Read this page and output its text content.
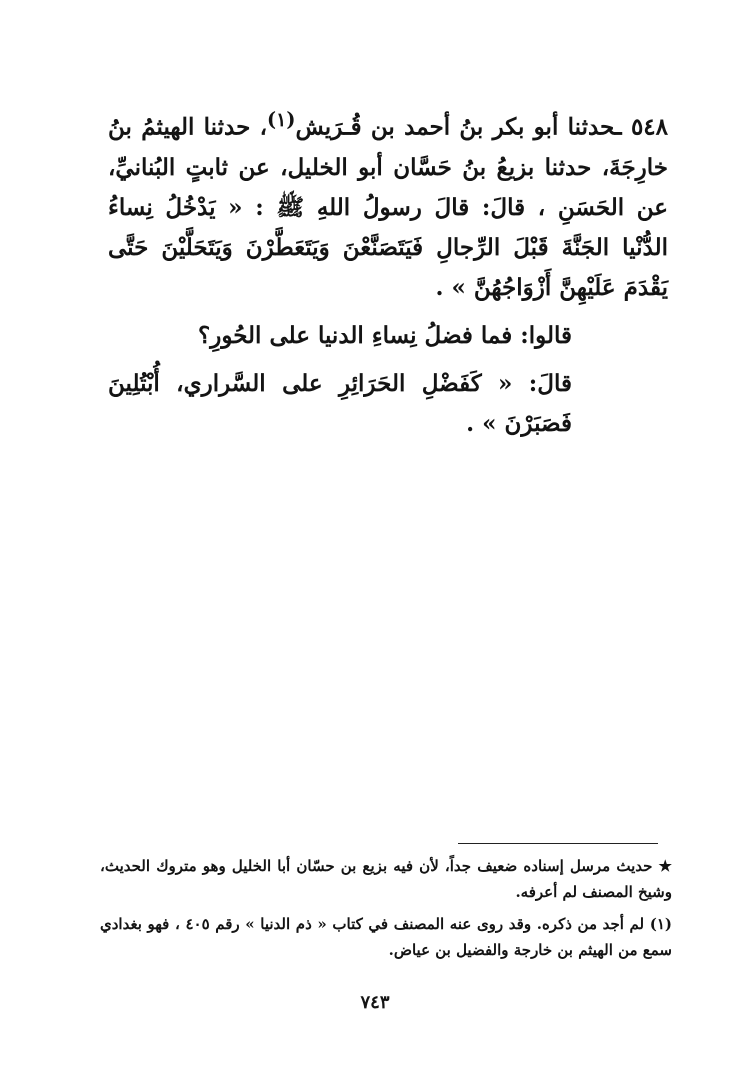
٥٤٨ ـحدثنا أبو بكر بنُ أحمد بن قُـرَيش$^{(١)}$، حدثنا الهيثمُ بنُ خارِجَةَ، حدثنا بزيعُ بنُ حَسَّان أبو الخليل، عن ثابتٍ البُنانيِّ، عن الحَسَنِ ، قالَ: قالَ رسولُ اللهِ ﷺ : « يَدْخُلُ نِساءُ الدُّنْيا الجَنَّةَ قَبْلَ الرِّجالِ فَيَتَصَنَّعْنَ وَيَتَعَطَّرْنَ وَيَتَحَلَّيْنَ حَتَّى يَقْدَمَ عَلَيْهِنَّ أَزْوَاجُهُنَّ » .

قالوا: فما فضلُ نِساءِ الدنيا على الحُورِ؟

قالَ: « كَفَضْلِ الحَرَائِرِ على السَّراري، أُبْتُلِينَ فَصَبَرْنَ » .

★ حديث مرسل إسناده ضعيف جداً، لأن فيه بزيع بن حسّان أبا الخليل وهو متروك الحديث، وشيخ المصنف لم أعرفه.

(١) لم أجد من ذكره. وقد روى عنه المصنف في كتاب « ذم الدنيا » رقم ٤٠٥ ، فهو بغدادي سمع من الهيثم بن خارجة والفضيل بن عياض.

٧٤٣
